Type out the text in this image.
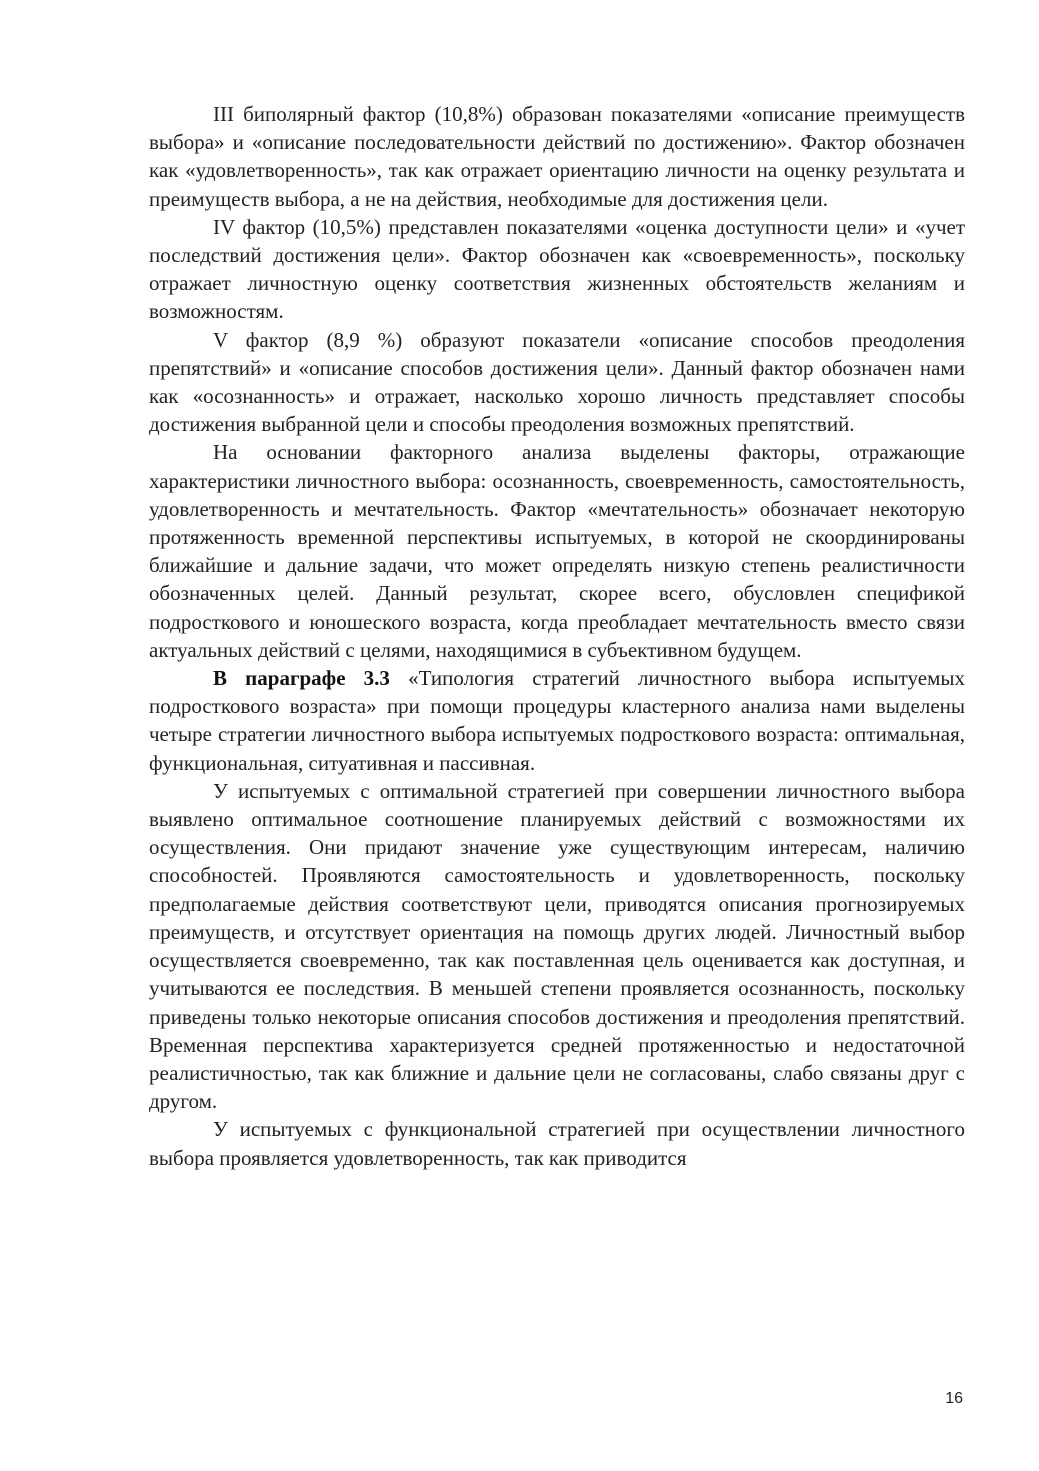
III биполярный фактор (10,8%) образован показателями «описание преимуществ выбора» и «описание последовательности действий по достижению». Фактор обозначен как «удовлетворенность», так как отражает ориентацию личности на оценку результата и преимуществ выбора, а не на действия, необходимые для достижения цели.

IV фактор (10,5%) представлен показателями «оценка доступности цели» и «учет последствий достижения цели». Фактор обозначен как «своевременность», поскольку отражает личностную оценку соответствия жизненных обстоятельств желаниям и возможностям.

V фактор (8,9 %) образуют показатели «описание способов преодоления препятствий» и «описание способов достижения цели». Данный фактор обозначен нами как «осознанность» и отражает, насколько хорошо личность представляет способы достижения выбранной цели и способы преодоления возможных препятствий.

На основании факторного анализа выделены факторы, отражающие характеристики личностного выбора: осознанность, своевременность, самостоятельность, удовлетворенность и мечтательность. Фактор «мечтательность» обозначает некоторую протяженность временной перспективы испытуемых, в которой не скоординированы ближайшие и дальние задачи, что может определять низкую степень реалистичности обозначенных целей. Данный результат, скорее всего, обусловлен спецификой подросткового и юношеского возраста, когда преобладает мечтательность вместо связи актуальных действий с целями, находящимися в субъективном будущем.

В параграфе 3.3 «Типология стратегий личностного выбора испытуемых подросткового возраста» при помощи процедуры кластерного анализа нами выделены четыре стратегии личностного выбора испытуемых подросткового возраста: оптимальная, функциональная, ситуативная и пассивная.

У испытуемых с оптимальной стратегией при совершении личностного выбора выявлено оптимальное соотношение планируемых действий с возможностями их осуществления. Они придают значение уже существующим интересам, наличию способностей. Проявляются самостоятельность и удовлетворенность, поскольку предполагаемые действия соответствуют цели, приводятся описания прогнозируемых преимуществ, и отсутствует ориентация на помощь других людей. Личностный выбор осуществляется своевременно, так как поставленная цель оценивается как доступная, и учитываются ее последствия. В меньшей степени проявляется осознанность, поскольку приведены только некоторые описания способов достижения и преодоления препятствий. Временная перспектива характеризуется средней протяженностью и недостаточной реалистичностью, так как ближние и дальние цели не согласованы, слабо связаны друг с другом.

У испытуемых с функциональной стратегией при осуществлении личностного выбора проявляется удовлетворенность, так как приводится

16
